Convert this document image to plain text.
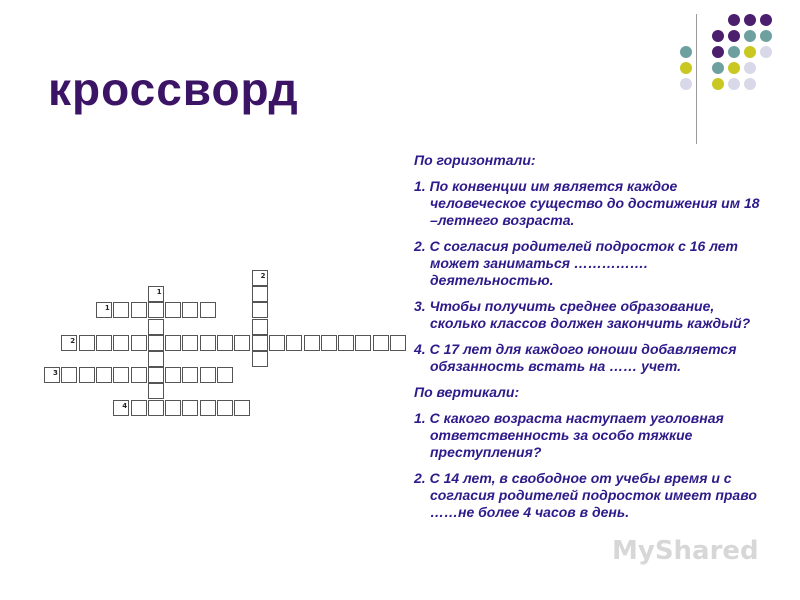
кроссворд
2
1
1
2
3
4
По горизонтали:
1. По конвенции им является каждое человеческое существо до достижения им 18 –летнего возраста.
2. С согласия родителей подросток с 16 лет может заниматься ……………. деятельностью.
3. Чтобы получить среднее образование, сколько классов должен закончить каждый?
4. С 17 лет для каждого юноши добавляется обязанность встать на …… учет.
По вертикали:
1. С какого возраста наступает уголовная ответственность за особо тяжкие преступления?
2. С 14 лет, в свободное от учебы время и с согласия родителей подросток имеет право ……не более 4 часов в день.
MyShared
